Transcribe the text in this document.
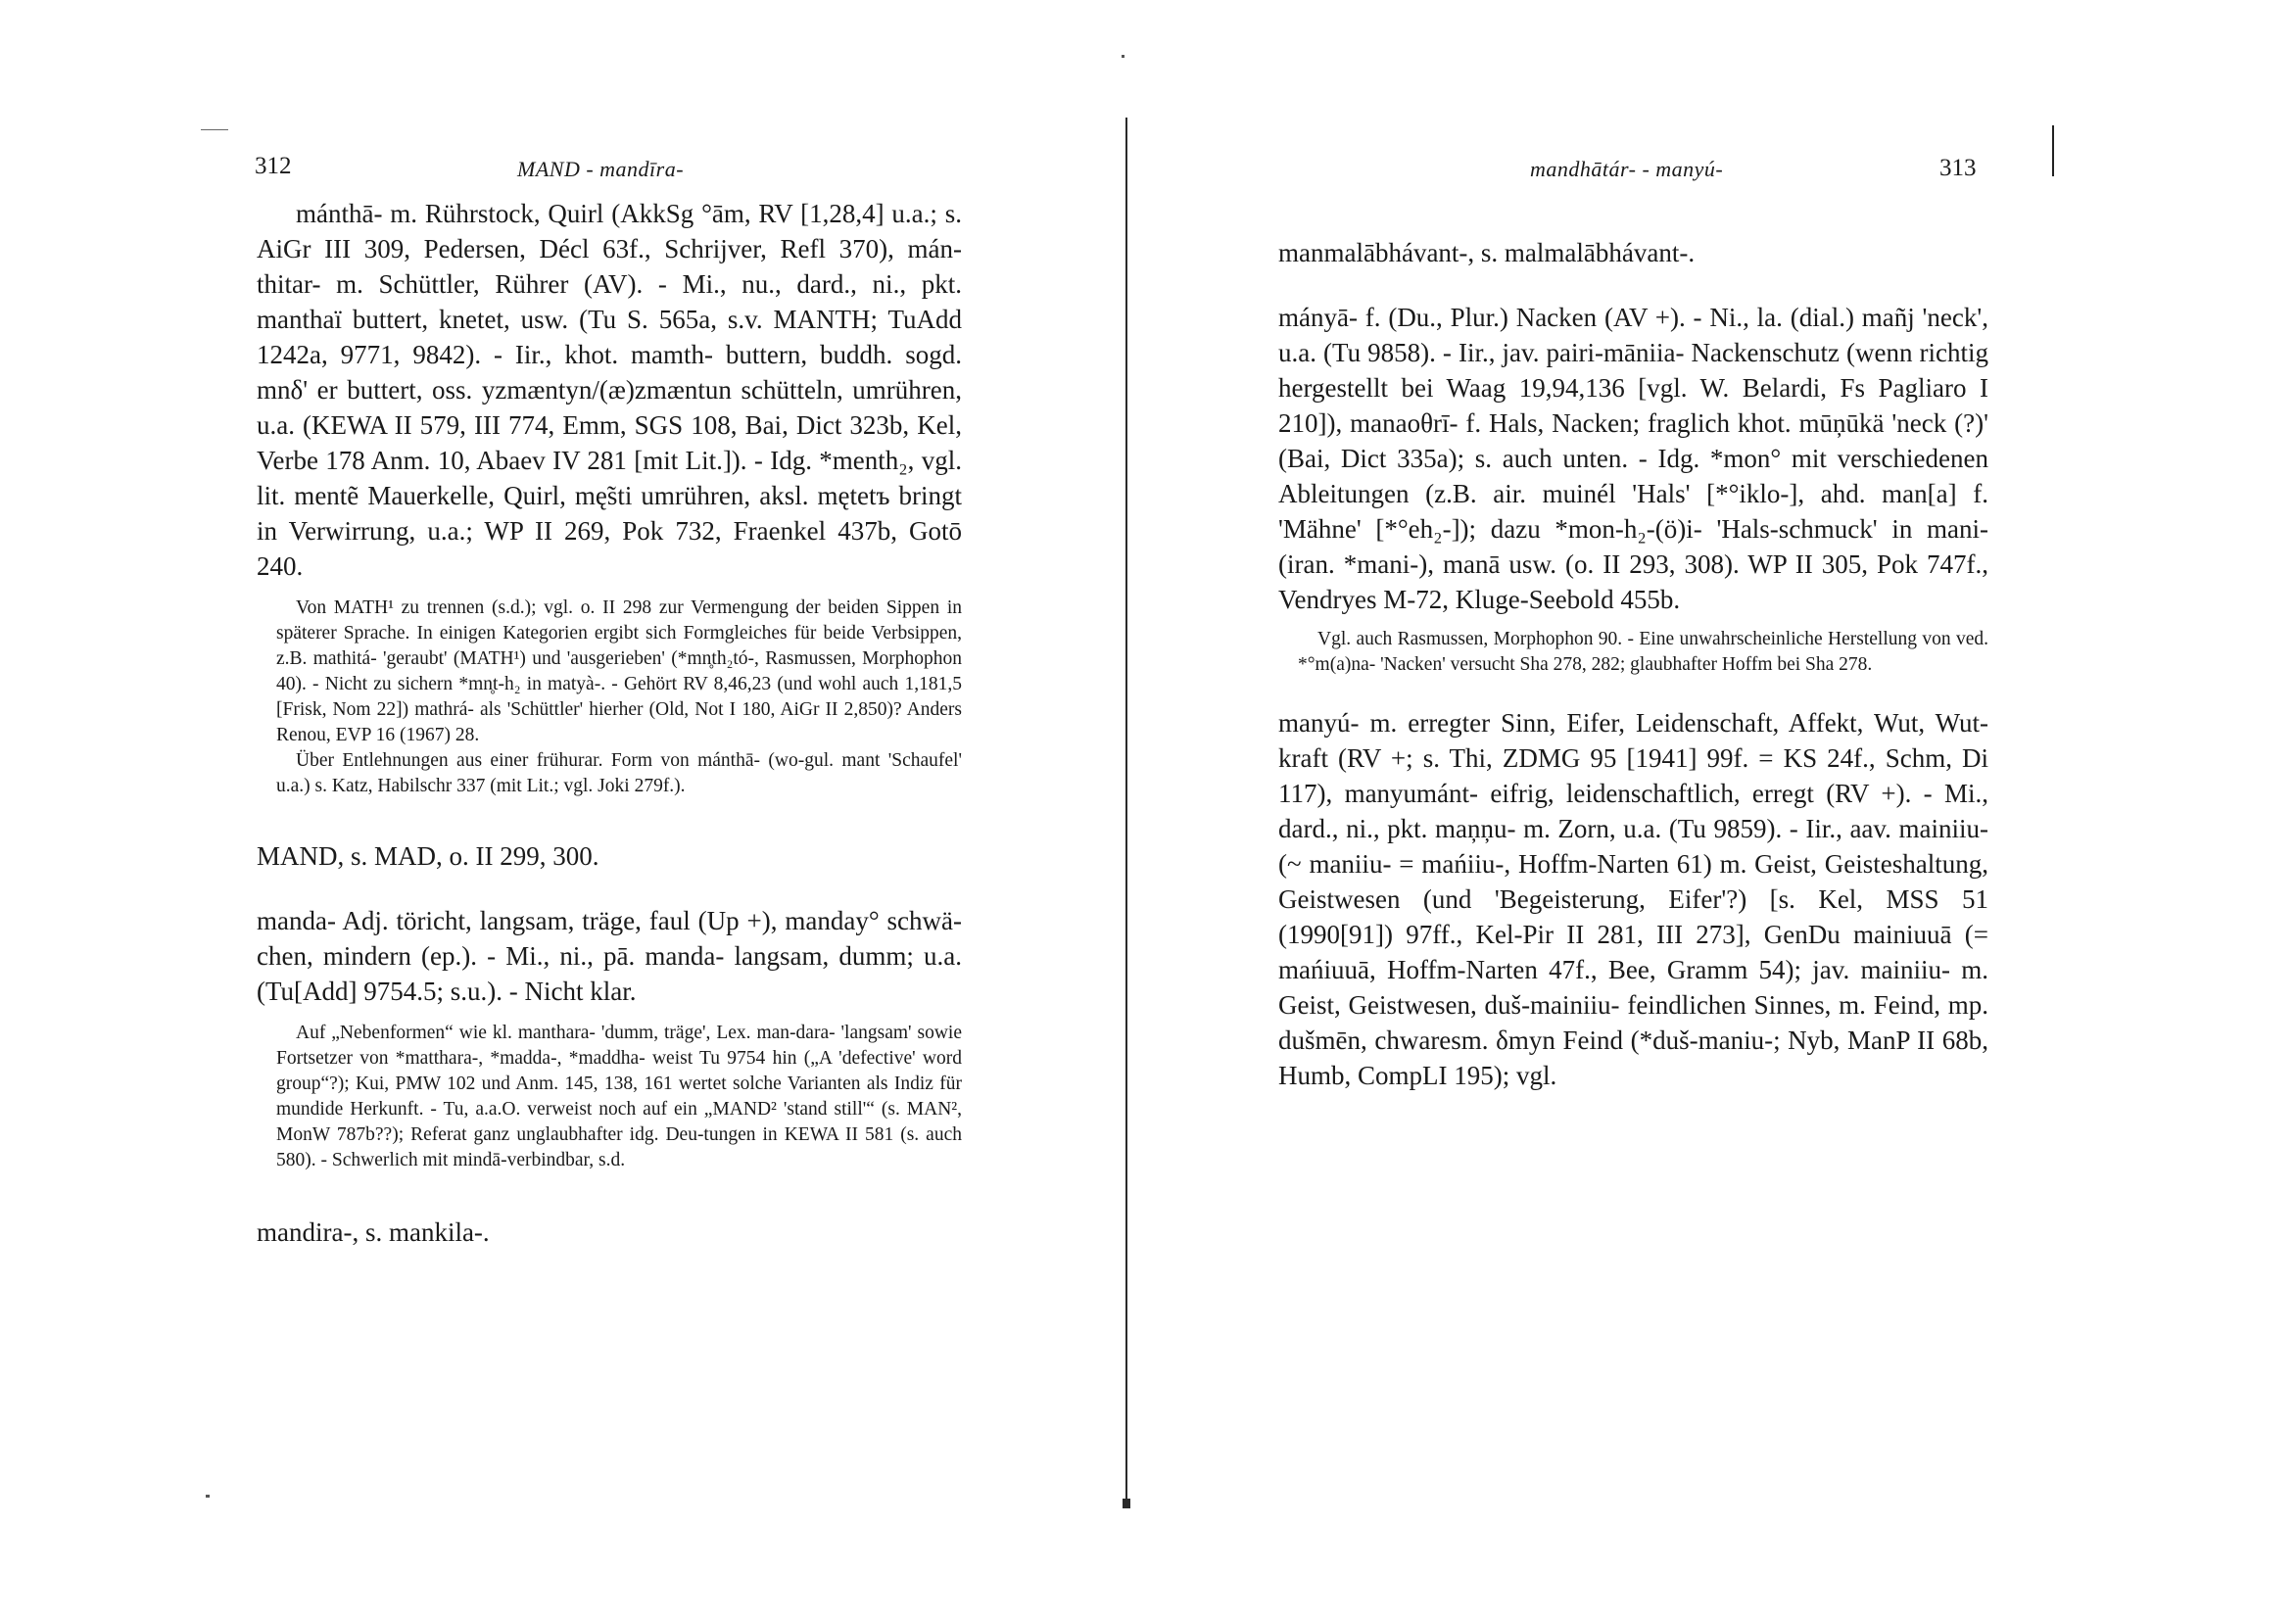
312	MAND - mandīra-

mánthā- m. Rührstock, Quirl (AkkSg °ām, RV [1,28,4] u.a.; s. AiGr III 309, Pedersen, Décl 63f., Schrijver, Refl 370), mán-thitar- m. Schüttler, Rührer (AV). - Mi., nu., dard., ni., pkt. manthaï buttert, knetet, usw. (Tu S. 565a, s.v. MANTH; TuAdd 1242a, 9771, 9842). - Iir., khot. mamth- buttern, buddh. sogd. mnδ' er buttert, oss. yzmæntyn/(æ)zmæntun schütteln, umrühren, u.a. (KEWA II 579, III 774, Emm, SGS 108, Bai, Dict 323b, Kel, Verbe 178 Anm. 10, Abaev IV 281 [mit Lit.]). - Idg. *menth₂, vgl. lit. mentẽ Mauerkelle, Quirl, mę̃sti umrühren, aksl. mętetъ bringt in Verwirrung, u.a.; WP II 269, Pok 732, Fraenkel 437b, Gotō 240.

Von MATH¹ zu trennen (s.d.); vgl. o. II 298 zur Vermengung der beiden Sippen in späterer Sprache. In einigen Kategorien ergibt sich Formgleiches für beide Verbsippen, z.B. mathitá- 'geraubt' (MATH¹) und 'ausgerieben' (*mn̥th₂tó-, Rasmussen, Morphophon 40). - Nicht zu sichern *mn̥t-h₂ in matyà-. - Gehört RV 8,46,23 (und wohl auch 1,181,5 [Frisk, Nom 22]) mathrá- als 'Schüttler' hierher (Old, Not I 180, AiGr II 2,850)? Anders Renou, EVP 16 (1967) 28.

Über Entlehnungen aus einer frühurar. Form von mánthā- (wo-gul. mant 'Schaufel' u.a.) s. Katz, Habilschr 337 (mit Lit.; vgl. Joki 279f.).

MAND, s. MAD, o. II 299, 300.

manda- Adj. töricht, langsam, träge, faul (Up +), manday° schwä-chen, mindern (ep.). - Mi., ni., pā. manda- langsam, dumm; u.a. (Tu[Add] 9754.5; s.u.). - Nicht klar.

Auf „Nebenformen“ wie kl. manthara- 'dumm, träge', Lex. man-dara- 'langsam' sowie Fortsetzer von *matthara-, *madda-, *maddha- weist Tu 9754 hin („A 'defective' word group“?); Kui, PMW 102 und Anm. 145, 138, 161 wertet solche Varianten als Indiz für mundide Herkunft. - Tu, a.a.O. verweist noch auf ein „MAND² 'stand still'“ (s. MAN², MonW 787b??); Referat ganz unglaubhafter idg. Deu-tungen in KEWA II 581 (s. auch 580). - Schwerlich mit mindā-verbindbar, s.d.

mandira-, s. mankila-.

mandhātár- - manyú-	313

manmalābhávant-, s. malmalābhávant-.

mányā- f. (Du., Plur.) Nacken (AV +). - Ni., la. (dial.) mañj 'neck', u.a. (Tu 9858). - Iir., jav. pairi-māniia- Nackenschutz (wenn richtig hergestellt bei Waag 19,94,136 [vgl. W. Belardi, Fs Pagliaro I 210]), manaoθrī- f. Hals, Nacken; fraglich khot. mūņūkä 'neck (?)' (Bai, Dict 335a); s. auch unten. - Idg. *mon° mit verschiedenen Ableitungen (z.B. air. muinél 'Hals' [*°iklo-], ahd. man[a] f. 'Mähne' [*°eh₂-]); dazu *mon-h₂-(ö)i- 'Hals-schmuck' in mani- (iran. *mani-), manā usw. (o. II 293, 308). WP II 305, Pok 747f., Vendryes M-72, Kluge-Seebold 455b.

Vgl. auch Rasmussen, Morphophon 90. - Eine unwahrscheinliche Herstellung von ved. *°m(a)na- 'Nacken' versucht Sha 278, 282; glaubhafter Hoffm bei Sha 278.

manyú- m. erregter Sinn, Eifer, Leidenschaft, Affekt, Wut, Wut-kraft (RV +; s. Thi, ZDMG 95 [1941] 99f. = KS 24f., Schm, Di 117), manyumánt- eifrig, leidenschaftlich, erregt (RV +). - Mi., dard., ni., pkt. maņņu- m. Zorn, u.a. (Tu 9859). - Iir., aav. mainiiu- (~ maniiu- = mańiiu-, Hoffm-Narten 61) m. Geist, Geisteshaltung, Geistwesen (und 'Begeisterung, Eifer'?) [s. Kel, MSS 51 (1990[91]) 97ff., Kel-Pir II 281, III 273], GenDu mainiuuā (= mańiuuā, Hoffm-Narten 47f., Bee, Gramm 54); jav. mainiiu- m. Geist, Geistwesen, duš-mainiiu- feindlichen Sinnes, m. Feind, mp. dušmēn, chwaresm. δmyn Feind (*duš-maniu-; Nyb, ManP II 68b, Humb, CompLI 195); vgl.
